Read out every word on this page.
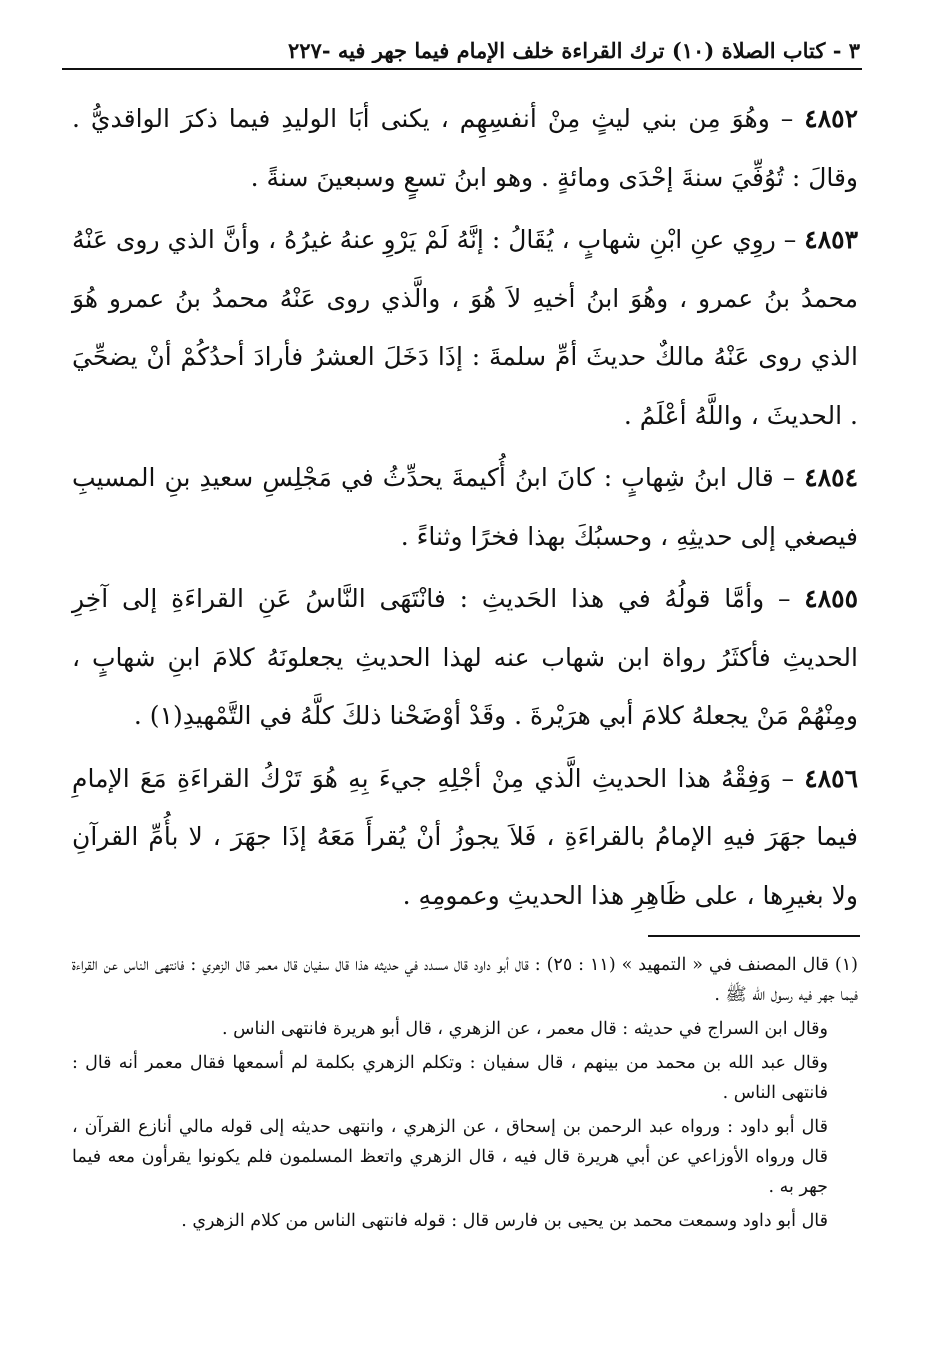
٣ - كتاب الصلاة (١٠) ترك القراءة خلف الإمام فيما جهر فيه -٢٢٧

٤٨٥٢ – وهُوَ مِن بني ليثٍ مِنْ أنفسِهِم ، يكنى أبَا الوليدِ فيما ذكرَ الواقديُّ . وقالَ : تُوُفِّيَ سنةَ إحْدَى ومائةٍ . وهو ابنُ تسعٍ وسبعينَ سنةً .

٤٨٥٣ – روِي عنِ ابْنِ شهابٍ ، يُقَالُ : إنَّهُ لَمْ يَرْوِ عنهُ غيرُهُ ، وأنَّ الذي روى عَنْهُ محمدُ بنُ عمرو ، وهُوَ ابنُ أخيهِ لاَ هُوَ ، والَّذي روى عَنْهُ محمدُ بنُ عمرو هُوَ الذي روى عَنْهُ مالكٌ حديثَ أمِّ سلمةَ : إذَا دَخَلَ العشرُ فأرادَ أحدُكُمْ أنْ يضحِّيَ . الحديثَ ، واللَّهُ أعْلَمُ .

٤٨٥٤ – قال ابنُ شِهابٍ : كانَ ابنُ أُكيمةَ يحدِّثُ في مَجْلِسِ سعيدِ بنِ المسيبِ فيصغي إلى حديثِهِ ، وحسبُكَ بهذا فخرًا وثناءً .

٤٨٥٥ – وأمَّا قولُهُ في هذا الحَديثِ : فانْتَهَى النَّاسُ عَنِ القراءَةِ إلى آخِرِ الحديثِ فأكثَرُ رواة ابن شهاب عنه لهذا الحديثِ يجعلونَهُ كلامَ ابنِ شهابٍ ، ومِنْهُمْ مَنْ يجعلهُ كلامَ أبي هرَيْرةَ . وقَدْ أوْضَحْنا ذلكَ كلَّهُ في التَّمْهيدِ(١) .

٤٨٥٦ – وَفِقْهُ هذا الحديثِ الَّذي مِنْ أجْلِهِ جيءَ بِهِ هُوَ تَرْكُ القراءَةِ مَعَ الإمامِ فيما جهَرَ فيهِ الإمامُ بالقراءَةِ ، فَلاَ يجوزُ أنْ يُقرأَ مَعَهُ إذَا جهَرَ ، لا بأُمِّ القرآنِ ولا بغيرِها ، على ظَاهِرِ هذا الحديثِ وعمومِهِ .

(١) قال المصنف في « التمهيد » (١١ : ٢٥) : قال أبو داود قال مسدد في حديثه هذا قال سفيان قال معمر قال الزهري : فانتهى الناس عن القراءة فيما جهر فيه رسول الله ﷺ .

وقال ابن السراج في حديثه : قال معمر ، عن الزهري ، قال أبو هريرة فانتهى الناس .

وقال عبد الله بن محمد من بينهم ، قال سفيان : وتكلم الزهري بكلمة لم أسمعها فقال معمر أنه قال : فانتهى الناس .

قال أبو داود : ورواه عبد الرحمن بن إسحاق ، عن الزهري ، وانتهى حديثه إلى قوله مالي أنازع القرآن ، قال ورواه الأوزاعي عن أبي هريرة قال فيه ، قال الزهري واتعظ المسلمون فلم يكونوا يقرأون معه فيما جهر به .

قال أبو داود وسمعت محمد بن يحيى بن فارس قال : قوله فانتهى الناس من كلام الزهري .
